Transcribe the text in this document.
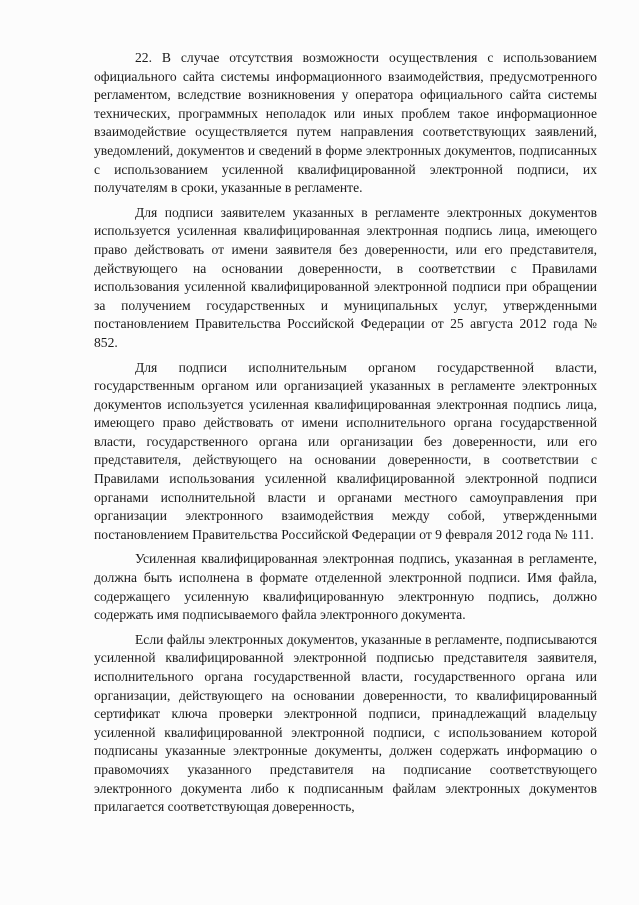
22. В случае отсутствия возможности осуществления с использованием официального сайта системы информационного взаимодействия, предусмотренного регламентом, вследствие возникновения у оператора официального сайта системы технических, программных неполадок или иных проблем такое информационное взаимодействие осуществляется путем направления соответствующих заявлений, уведомлений, документов и сведений в форме электронных документов, подписанных с использованием усиленной квалифицированной электронной подписи, их получателям в сроки, указанные в регламенте.

Для подписи заявителем указанных в регламенте электронных документов используется усиленная квалифицированная электронная подпись лица, имеющего право действовать от имени заявителя без доверенности, или его представителя, действующего на основании доверенности, в соответствии с Правилами использования усиленной квалифицированной электронной подписи при обращении за получением государственных и муниципальных услуг, утвержденными постановлением Правительства Российской Федерации от 25 августа 2012 года № 852.

Для подписи исполнительным органом государственной власти, государственным органом или организацией указанных в регламенте электронных документов используется усиленная квалифицированная электронная подпись лица, имеющего право действовать от имени исполнительного органа государственной власти, государственного органа или организации без доверенности, или его представителя, действующего на основании доверенности, в соответствии с Правилами использования усиленной квалифицированной электронной подписи органами исполнительной власти и органами местного самоуправления при организации электронного взаимодействия между собой, утвержденными постановлением Правительства Российской Федерации от 9 февраля 2012 года № 111.

Усиленная квалифицированная электронная подпись, указанная в регламенте, должна быть исполнена в формате отделенной электронной подписи. Имя файла, содержащего усиленную квалифицированную электронную подпись, должно содержать имя подписываемого файла электронного документа.

Если файлы электронных документов, указанные в регламенте, подписываются усиленной квалифицированной электронной подписью представителя заявителя, исполнительного органа государственной власти, государственного органа или организации, действующего на основании доверенности, то квалифицированный сертификат ключа проверки электронной подписи, принадлежащий владельцу усиленной квалифицированной электронной подписи, с использованием которой подписаны указанные электронные документы, должен содержать информацию о правомочиях указанного представителя на подписание соответствующего электронного документа либо к подписанным файлам электронных документов прилагается соответствующая доверенность,
